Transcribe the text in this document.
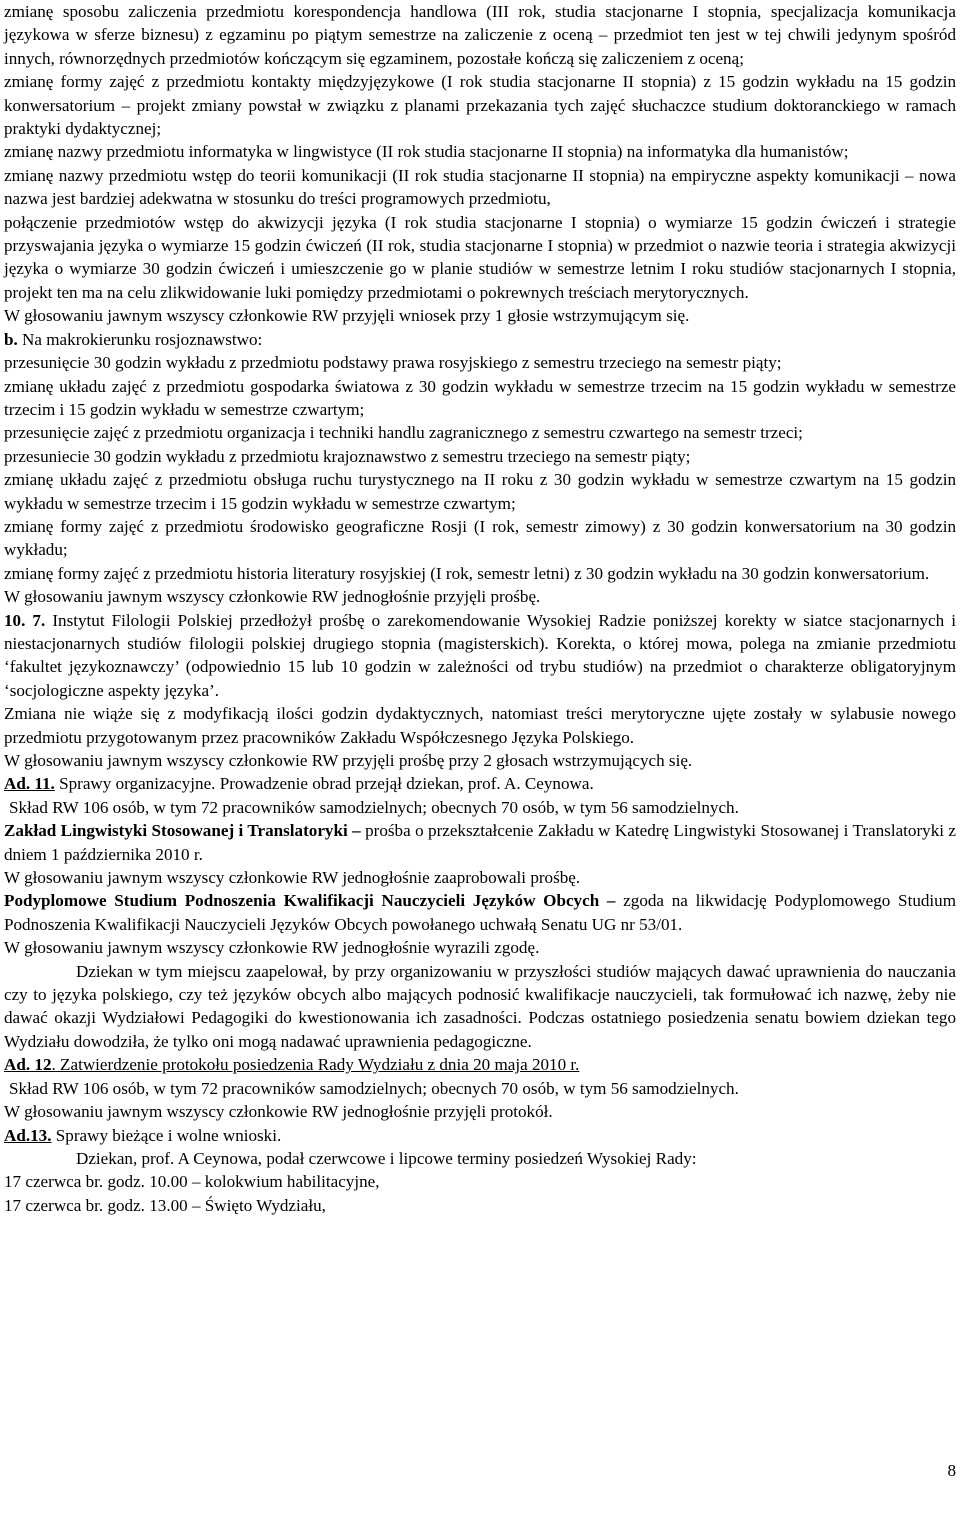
zmianę sposobu zaliczenia przedmiotu korespondencja handlowa (III rok, studia stacjonarne I stopnia, specjalizacja komunikacja językowa w sferze biznesu) z egzaminu po piątym semestrze na zaliczenie z oceną – przedmiot ten jest w tej chwili jedynym spośród innych, równorzędnych przedmiotów kończącym się egzaminem, pozostałe kończą się zaliczeniem z oceną;

zmianę formy zajęć z przedmiotu kontakty międzyjęzykowe (I rok studia stacjonarne II stopnia) z 15 godzin wykładu na 15 godzin konwersatorium – projekt zmiany powstał w związku z planami przekazania tych zajęć słuchaczce studium doktoranckiego w ramach praktyki dydaktycznej;

zmianę nazwy przedmiotu informatyka w lingwistyce (II rok studia stacjonarne II stopnia) na informatyka dla humanistów;

zmianę nazwy przedmiotu wstęp do teorii komunikacji (II rok studia stacjonarne II stopnia) na empiryczne aspekty komunikacji – nowa nazwa jest bardziej adekwatna w stosunku do treści programowych przedmiotu,

połączenie przedmiotów wstęp do akwizycji języka (I rok studia stacjonarne I stopnia) o wymiarze 15 godzin ćwiczeń i strategie przyswajania języka o wymiarze 15 godzin ćwiczeń (II rok, studia stacjonarne I stopnia) w przedmiot o nazwie teoria i strategia akwizycji języka o wymiarze 30 godzin ćwiczeń i umieszczenie go w planie studiów w semestrze letnim I roku studiów stacjonarnych I stopnia, projekt ten ma na celu zlikwidowanie luki pomiędzy przedmiotami o pokrewnych treściach merytorycznych.

W głosowaniu jawnym wszyscy członkowie RW przyjęli wniosek przy 1 głosie wstrzymującym się.

b. Na makrokierunku rosjoznawstwo:

przesunięcie 30 godzin wykładu z przedmiotu podstawy prawa rosyjskiego z semestru trzeciego na semestr piąty;

zmianę układu zajęć z przedmiotu gospodarka światowa z 30 godzin wykładu w semestrze trzecim na 15 godzin wykładu w semestrze trzecim i 15 godzin wykładu w semestrze czwartym;

przesunięcie zajęć z przedmiotu organizacja i techniki handlu zagranicznego z semestru czwartego na semestr trzeci;

przesuniecie 30 godzin wykładu z przedmiotu krajoznawstwo z semestru trzeciego na semestr piąty;

zmianę układu zajęć z przedmiotu obsługa ruchu turystycznego na II roku z 30 godzin wykładu w semestrze czwartym na 15 godzin wykładu w semestrze trzecim i 15 godzin wykładu w semestrze czwartym;

zmianę formy zajęć z przedmiotu środowisko geograficzne Rosji (I rok, semestr zimowy) z 30 godzin konwersatorium na 30 godzin wykładu;

zmianę formy zajęć z przedmiotu historia literatury rosyjskiej (I rok, semestr letni) z 30 godzin wykładu na 30 godzin konwersatorium.

W głosowaniu jawnym wszyscy członkowie RW jednogłośnie przyjęli prośbę.

10. 7. Instytut Filologii Polskiej przedłożył prośbę o zarekomendowanie Wysokiej Radzie poniższej korekty w siatce stacjonarnych i niestacjonarnych studiów filologii polskiej drugiego stopnia (magisterskich). Korekta, o której mowa, polega na zmianie przedmiotu ‘fakultet językoznawczy’ (odpowiednio 15 lub 10 godzin w zależności od trybu studiów) na przedmiot o charakterze obligatoryjnym ‘socjologiczne aspekty języka’.

Zmiana nie wiąże się z modyfikacją ilości godzin dydaktycznych, natomiast treści merytoryczne ujęte zostały w sylabusie nowego przedmiotu przygotowanym przez pracowników Zakładu Współczesnego Języka Polskiego.

W głosowaniu jawnym wszyscy członkowie RW przyjęli prośbę przy 2 głosach wstrzymujących się.

Ad. 11. Sprawy organizacyjne. Prowadzenie obrad przejął dziekan, prof. A. Ceynowa.

Skład RW 106 osób, w tym 72 pracowników samodzielnych; obecnych 70 osób, w tym 56 samodzielnych.

Zakład Lingwistyki Stosowanej i Translatoryki – prośba o przekształcenie Zakładu w Katedrę Lingwistyki Stosowanej i Translatoryki z dniem 1 października 2010 r.

W głosowaniu jawnym wszyscy członkowie RW jednogłośnie zaaprobowali prośbę.

Podyplomowe Studium Podnoszenia Kwalifikacji Nauczycieli Języków Obcych – zgoda na likwidację Podyplomowego Studium Podnoszenia Kwalifikacji Nauczycieli Języków Obcych powołanego uchwałą Senatu UG nr 53/01.

W głosowaniu jawnym wszyscy członkowie RW jednogłośnie wyrazili zgodę.

Dziekan w tym miejscu zaapelował, by przy organizowaniu w przyszłości studiów mających dawać uprawnienia do nauczania czy to języka polskiego, czy też języków obcych albo mających podnosić kwalifikacje nauczycieli, tak formułować ich nazwę, żeby nie dawać okazji Wydziałowi Pedagogiki do kwestionowania ich zasadności. Podczas ostatniego posiedzenia senatu bowiem dziekan tego Wydziału dowodziła, że tylko oni mogą nadawać uprawnienia pedagogiczne.

Ad. 12. Zatwierdzenie protokołu posiedzenia Rady Wydziału z dnia 20 maja 2010 r.

Skład RW 106 osób, w tym 72 pracowników samodzielnych; obecnych 70 osób, w tym 56 samodzielnych.

W głosowaniu jawnym wszyscy członkowie RW jednogłośnie przyjęli protokół.

Ad.13. Sprawy bieżące i wolne wnioski.

Dziekan, prof. A Ceynowa, podał czerwcowe i lipcowe terminy posiedzeń Wysokiej Rady:

17 czerwca br. godz. 10.00 – kolokwium habilitacyjne,

17 czerwca br. godz. 13.00 – Święto Wydziału,

8
